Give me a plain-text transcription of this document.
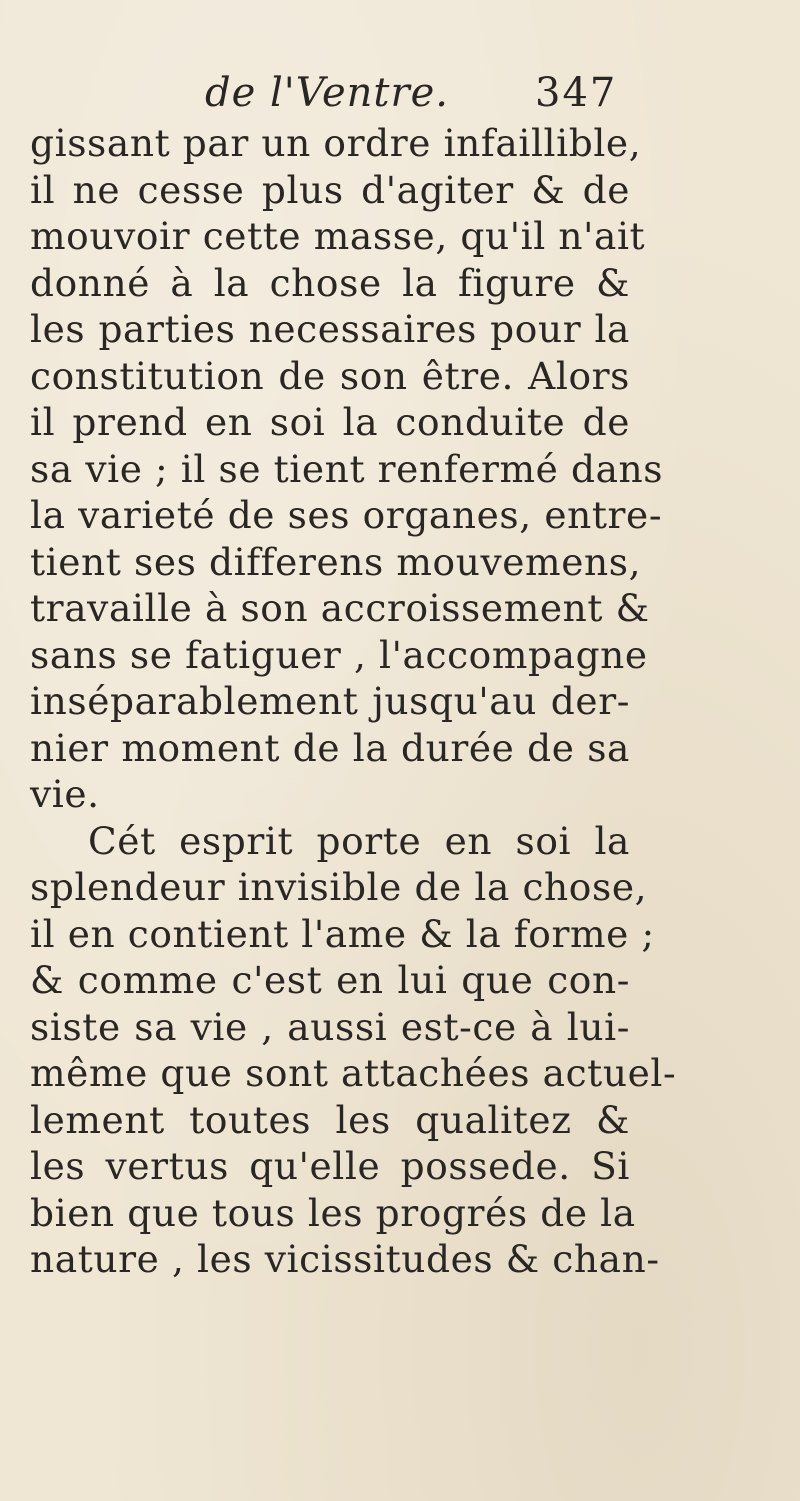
de l'Ventre. 347
gissant par un ordre infaillible,
il ne cesse plus d'agiter & de
mouvoir cette masse, qu'il n'ait
donné à la chose la figure &
les parties necessaires pour la
constitution de son être. Alors
il prend en soi la conduite de
sa vie ; il se tient renfermé dans
la varieté de ses organes, entre-
tient ses differens mouvemens,
travaille à son accroissement &
sans se fatiguer , l'accompagne
inséparablement jusqu'au der-
nier moment de la durée de sa
vie.
Cét esprit porte en soi la
splendeur invisible de la chose,
il en contient l'ame & la forme ;
& comme c'est en lui que con-
siste sa vie , aussi est-ce à lui-
même que sont attachées actuel-
lement toutes les qualitez &
les vertus qu'elle possede. Si
bien que tous les progrés de la
nature , les vicissitudes & chan-
